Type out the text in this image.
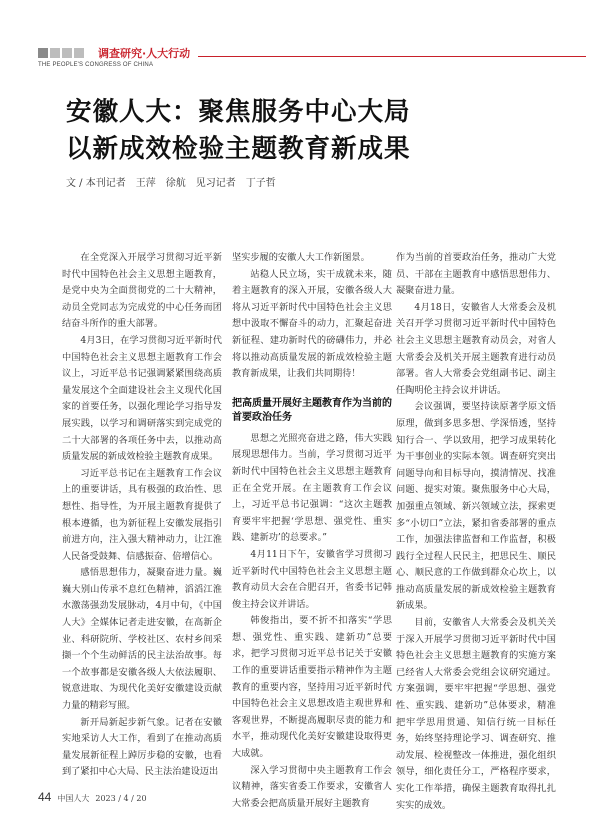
调查研究·人大行动
THE PEOPLE'S CONGRESS OF CHINA
安徽人大：聚焦服务中心大局
以新成效检验主题教育新成果
文 / 本刊记者　王萍　徐航　见习记者　丁子哲

在全党深入开展学习贯彻习近平新时代中国特色社会主义思想主题教育，是党中央为全面贯彻党的二十大精神，动员全党同志为完成党的中心任务而团结奋斗所作的重大部署。

4月3日，在学习贯彻习近平新时代中国特色社会主义思想主题教育工作会议上，习近平总书记强调紧紧围绕高质量发展这个全面建设社会主义现代化国家的首要任务，以强化理论学习指导发展实践，以学习和调研落实到完成党的二十大部署的各项任务中去，以推动高质量发展的新成效检验主题教育成果。

习近平总书记在主题教育工作会议上的重要讲话，具有极强的政治性、思想性、指导性，为开展主题教育提供了根本遵循，也为新征程上安徽发展指引前进方向，注入强大精神动力，让江淮人民备受鼓舞、信感振奋、倍增信心。

感悟思想伟力，凝聚奋进力量。巍巍大别山传承不息红色精神，滔滔江淮水激荡强劲发展脉动，4月中旬，《中国人大》全媒体记者走进安徽，在高新企业、科研院所、学校社区、农村乡间采撷一个个生动鲜活的民主法治故事。每一个故事都是安徽各级人大依法履职、锐意进取、为现代化美好安徽建设贡献力量的精彩写照。

新开局新起步新气象。记者在安徽实地采访人大工作，看到了在推动高质量发展新征程上踔厉步稳的安徽，也看到了紧扣中心大局、民主法治建设迈出

坚实步履的安徽人大工作新图景。

站稳人民立场，实干成就未来，随着主题教育的深入开展，安徽各级人大将从习近平新时代中国特色社会主义思想中汲取不懈奋斗的动力，汇聚起奋进新征程、建功新时代的磅礴伟力，并必将以推动高质量发展的新成效检验主题教育新成果，让我们共同期待！

把高质量开展好主题教育作为当前的首要政治任务

思想之光照亮奋进之路，伟大实践展现思想伟力。当前，学习贯彻习近平新时代中国特色社会主义思想主题教育正在全党开展。在主题教育工作会议上，习近平总书记强调：“这次主题教育要牢牢把握‘学思想、强党性、重实践、建新功’的总要求。”

4月11日下午，安徽省学习贯彻习近平新时代中国特色社会主义思想主题教育动员大会在合肥召开，省委书记韩俊主持会议并讲话。

韩俊指出，要不折不扣落实“学思想、强党性、重实践、建新功”总要求，把学习贯彻习近平总书记关于安徽工作的重要讲话重要指示精神作为主题教育的重要内容，坚持用习近平新时代中国特色社会主义思想改造主观世界和客观世界，不断提高履职尽责的能力和水平，推动现代化美好安徽建设取得更大成就。

深入学习贯彻中央主题教育工作会议精神，落实省委工作要求，安徽省人大常委会把高质量开展好主题教育

作为当前的首要政治任务，推动广大党员、干部在主题教育中感悟思想伟力、凝聚奋进力量。

4月18日，安徽省人大常委会及机关召开学习贯彻习近平新时代中国特色社会主义思想主题教育动员会，对省人大常委会及机关开展主题教育进行动员部署。省人大常委会党组副书记、副主任陶明伦主持会议并讲话。

会议强调，要坚持读原著学原文悟原理，做到多思多想、学深悟透，坚持知行合一、学以致用，把学习成果转化为干事创业的实际本领。调查研究突出问题导向和目标导向，摸清情况、找准问题、提实对策。聚焦服务中心大局，加强重点领域、新兴领域立法，探索更多“小切口”立法，紧扣省委部署的重点工作，加强法律监督和工作监督，积极践行全过程人民民主，把思民生、顺民心、顺民意的工作做到群众心坎上，以推动高质量发展的新成效检验主题教育新成果。

目前，安徽省人大常委会及机关关于深入开展学习贯彻习近平新时代中国特色社会主义思想主题教育的实施方案已经省人大常委会党组会议研究通过。方案强调，要牢牢把握“学思想、强党性、重实践、建新功”总体要求，精准把牢学思用贯通、知信行统一目标任务，始终坚持理论学习、调查研究、推动发展、检视整改一体推进，强化组织领导，细化责任分工，严格程序要求，实化工作举措，确保主题教育取得扎扎实实的成效。

44 中国人大 2023 / 4 / 20
